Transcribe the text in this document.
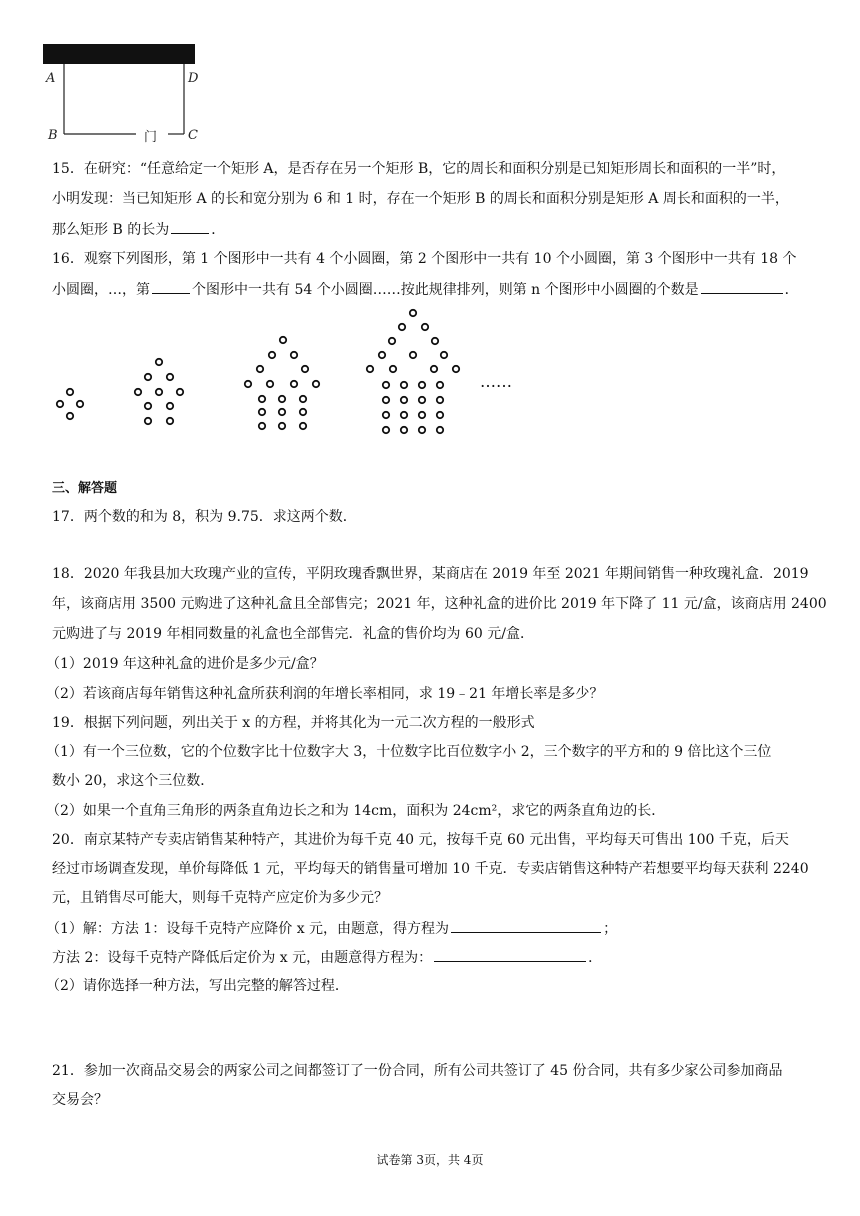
A	D
B	C
门
15．在研究：“任意给定一个矩形 A，是否存在另一个矩形 B，它的周长和面积分别是已知矩形周长和面积的一半”时，
小明发现：当已知矩形 A 的长和宽分别为 6 和 1 时，存在一个矩形 B 的周长和面积分别是矩形 A 周长和面积的一半，
那么矩形 B 的长为	．
16．观察下列图形，第 1 个图形中一共有 4 个小圆圈，第 2 个图形中一共有 10 个小圆圈，第 3 个图形中一共有 18 个
小圆圈，…，第	个图形中一共有 54 个小圆圈……按此规律排列，则第 n 个图形中小圆圈的个数是	．
……
三、解答题
17．两个数的和为 8，积为 9.75．求这两个数．
18．2020 年我县加大玫瑰产业的宣传，平阴玫瑰香飘世界，某商店在 2019 年至 2021 年期间销售一种玫瑰礼盒．2019
年，该商店用 3500 元购进了这种礼盒且全部售完；2021 年，这种礼盒的进价比 2019 年下降了 11 元/盒，该商店用 2400
元购进了与 2019 年相同数量的礼盒也全部售完．礼盒的售价均为 60 元/盒．
（1）2019 年这种礼盒的进价是多少元/盒？
（2）若该商店每年销售这种礼盒所获利润的年增长率相同，求 19﹣21 年增长率是多少？
19．根据下列问题，列出关于 x 的方程，并将其化为一元二次方程的一般形式
（1）有一个三位数，它的个位数字比十位数字大 3，十位数字比百位数字小 2，三个数字的平方和的 9 倍比这个三位
数小 20，求这个三位数．
（2）如果一个直角三角形的两条直角边长之和为 14cm，面积为 24cm²，求它的两条直角边的长．
20．南京某特产专卖店销售某种特产，其进价为每千克 40 元，按每千克 60 元出售，平均每天可售出 100 千克，后天
经过市场调查发现，单价每降低 1 元，平均每天的销售量可增加 10 千克．专卖店销售这种特产若想要平均每天获利 2240
元，且销售尽可能大，则每千克特产应定价为多少元？
（1）解：方法 1：设每千克特产应降价 x 元，由题意，得方程为	；
方法 2：设每千克特产降低后定价为 x 元，由题意得方程为：	．
（2）请你选择一种方法，写出完整的解答过程．
21．参加一次商品交易会的两家公司之间都签订了一份合同，所有公司共签订了 45 份合同，共有多少家公司参加商品
交易会？
试卷第 3页，共 4页
